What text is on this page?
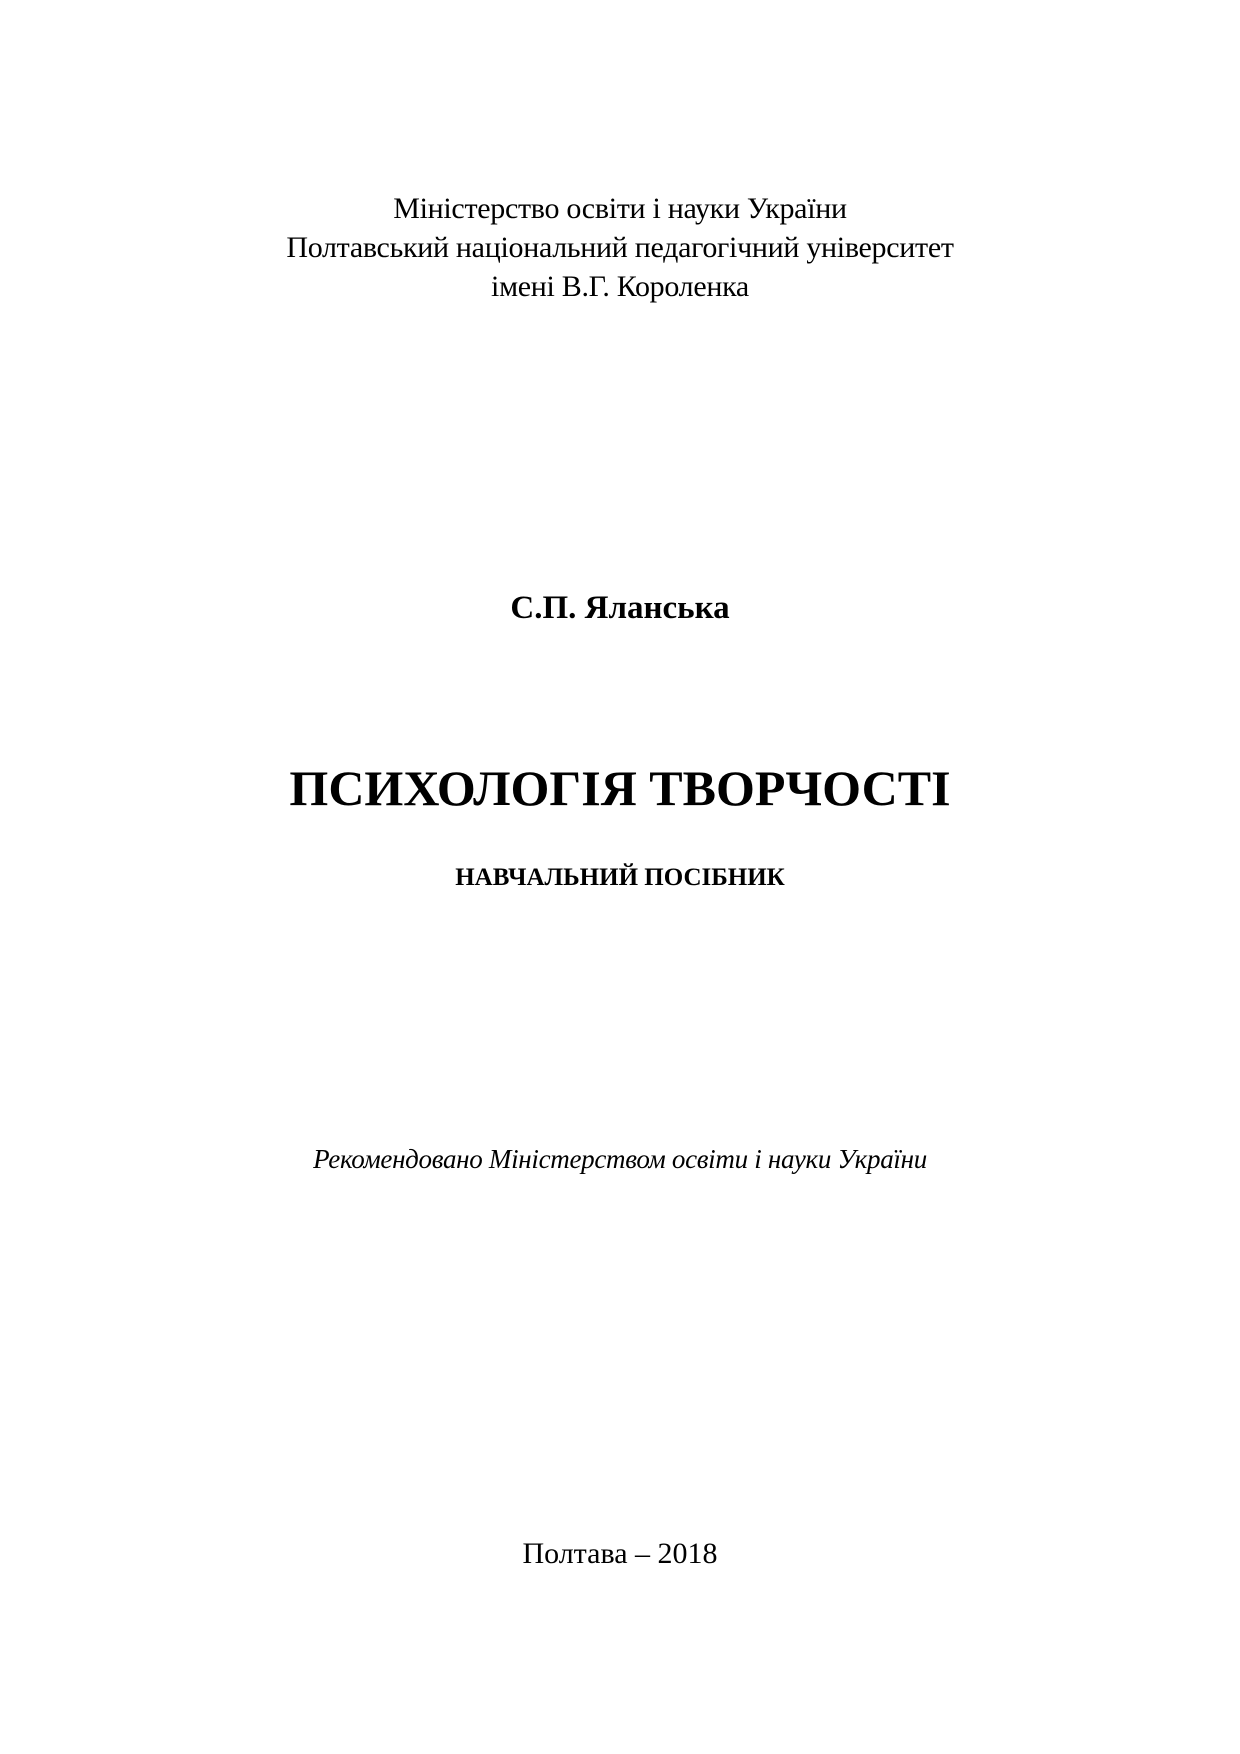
Міністерство освіти і науки України
Полтавський національний педагогічний університет
імені В.Г. Короленка
С.П. Яланська
ПСИХОЛОГІЯ ТВОРЧОСТІ
НАВЧАЛЬНИЙ ПОСІБНИК
Рекомендовано Міністерством освіти і науки України
Полтава – 2018
